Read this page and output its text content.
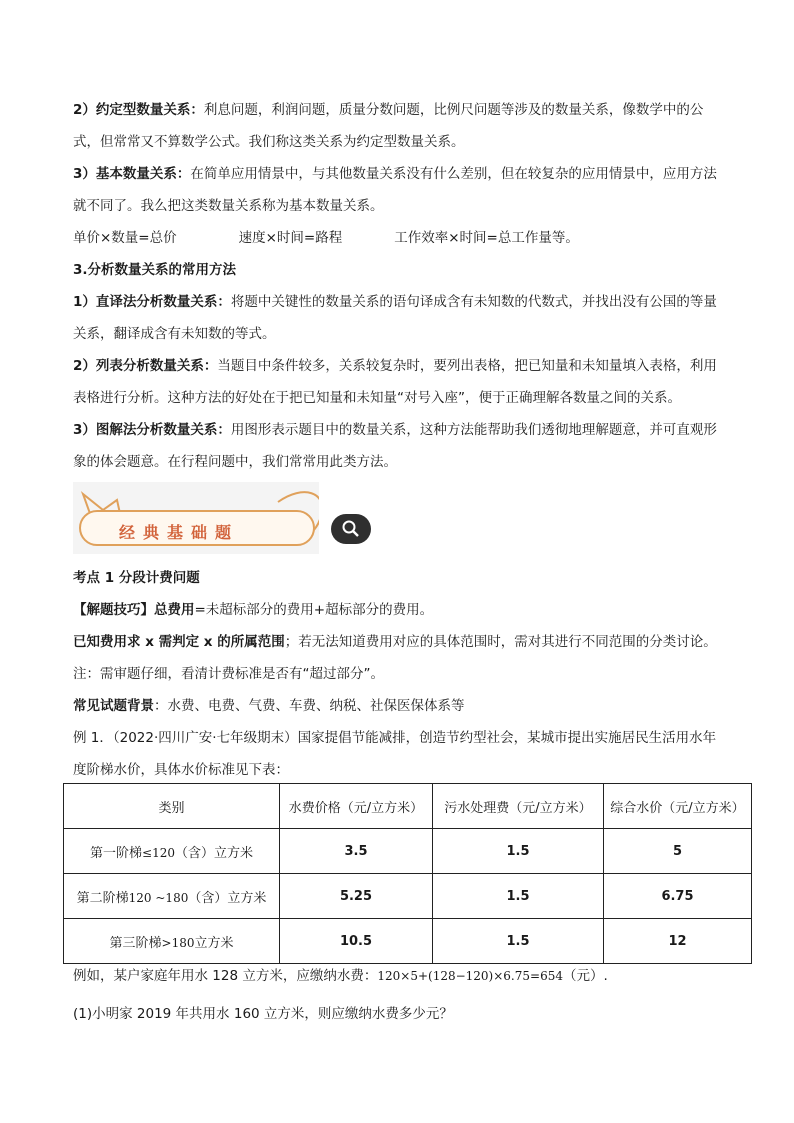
2）约定型数量关系：利息问题，利润问题，质量分数问题，比例尺问题等涉及的数量关系，像数学中的公式，但常常又不算数学公式。我们称这类关系为约定型数量关系。

3）基本数量关系：在简单应用情景中，与其他数量关系没有什么差别，但在较复杂的应用情景中，应用方法就不同了。我么把这类数量关系称为基本数量关系。

单价×数量=总价	速度×时间=路程	工作效率×时间=总工作量等。

3.分析数量关系的常用方法

1）直译法分析数量关系：将题中关键性的数量关系的语句译成含有未知数的代数式，并找出没有公国的等量关系，翻译成含有未知数的等式。

2）列表分析数量关系：当题目中条件较多，关系较复杂时，要列出表格，把已知量和未知量填入表格，利用表格进行分析。这种方法的好处在于把已知量和未知量“对号入座”，便于正确理解各数量之间的关系。

3）图解法分析数量关系：用图形表示题目中的数量关系，这种方法能帮助我们透彻地理解题意，并可直观形象的体会题意。在行程问题中，我们常常用此类方法。

经典基础题

考点 1 分段计费问题

【解题技巧】总费用=未超标部分的费用+超标部分的费用。

已知费用求 x 需判定 x 的所属范围；若无法知道费用对应的具体范围时，需对其进行不同范围的分类讨论。

注：需审题仔细，看清计费标准是否有“超过部分”。

常见试题背景：水费、电费、气费、车费、纳税、社保医保体系等

例 1．（2022·四川广安·七年级期末）国家提倡节能减排，创造节约型社会，某城市提出实施居民生活用水年度阶梯水价，具体水价标准见下表：

类别	水费价格（元/立方米）	污水处理费（元/立方米）	综合水价（元/立方米）
第一阶梯≤120（含）立方米	3.5	1.5	5
第二阶梯120 ~180（含）立方米	5.25	1.5	6.75
第三阶梯>180立方米	10.5	1.5	12

例如，某户家庭年用水 128 立方米，应缴纳水费：120×5+(128−120)×6.75=654（元）.

(1)小明家 2019 年共用水 160 立方米，则应缴纳水费多少元？
